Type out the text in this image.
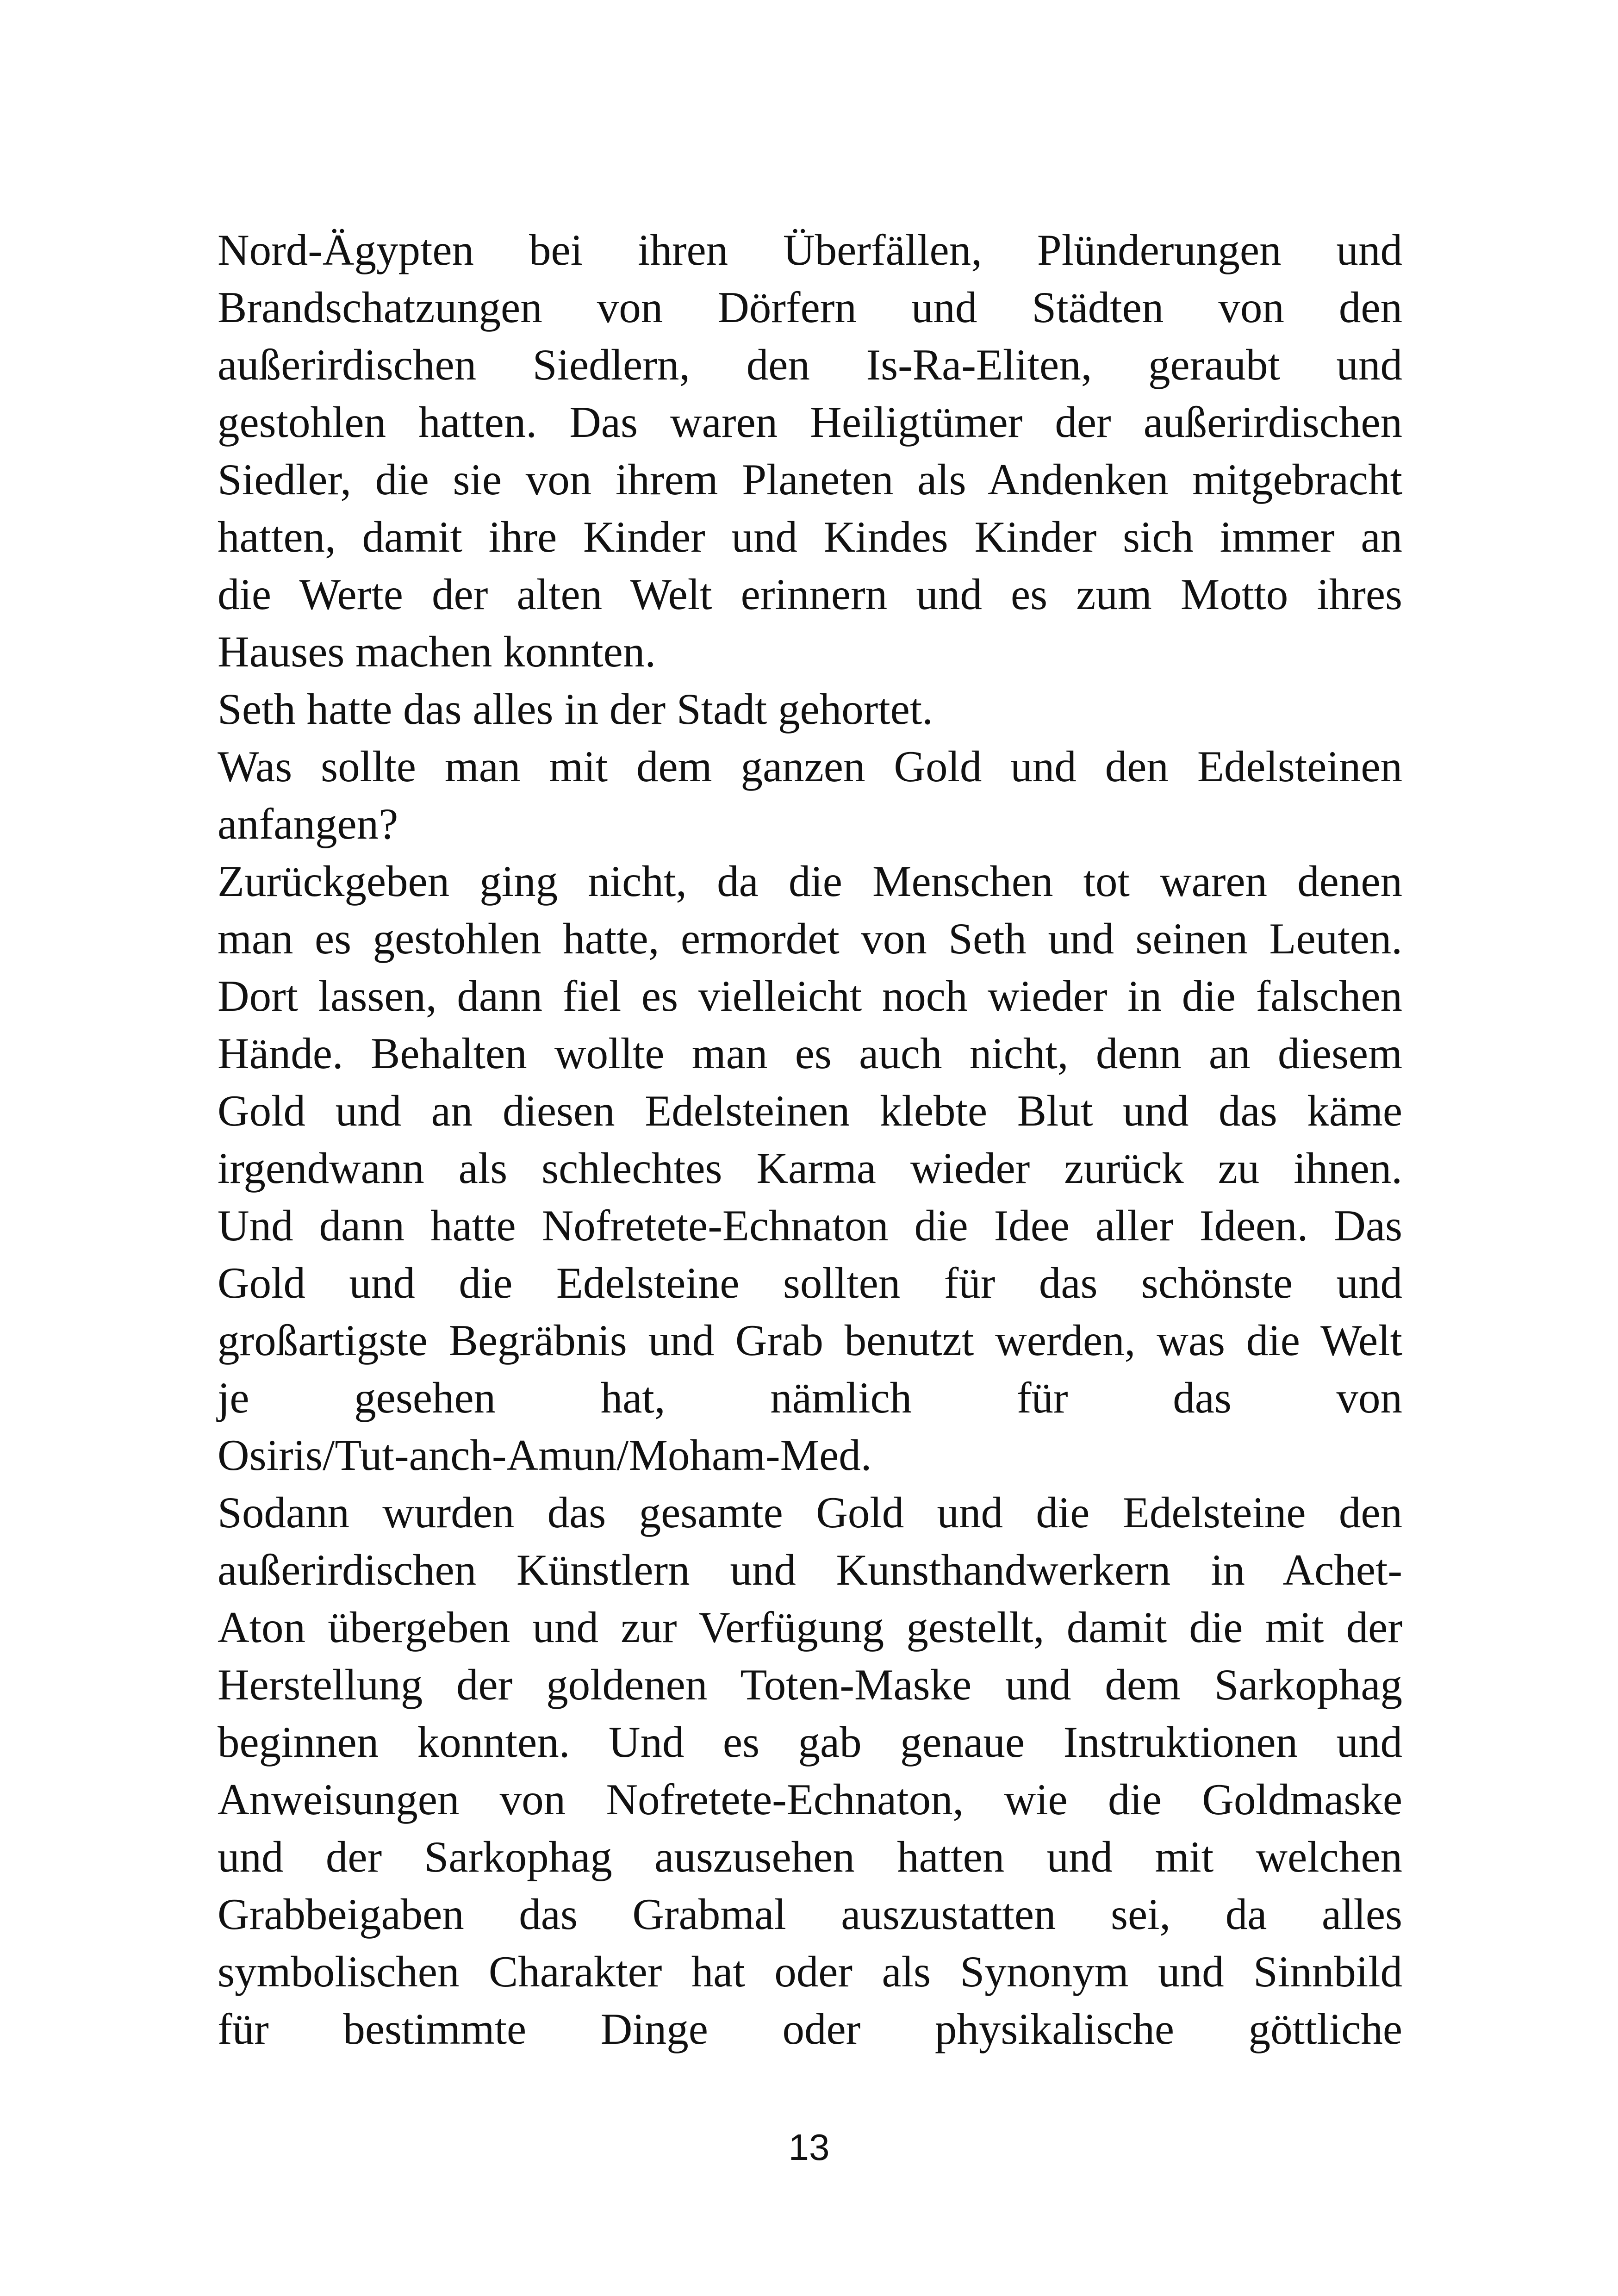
Nord-Ägypten bei ihren Überfällen, Plünderungen und

Brandschatzungen von Dörfern und Städten von den

außerirdischen Siedlern, den Is-Ra-Eliten, geraubt und

gestohlen hatten. Das waren Heiligtümer der außerirdischen

Siedler, die sie von ihrem Planeten als Andenken mitgebracht

hatten, damit ihre Kinder und Kindes Kinder sich immer an

die Werte der alten Welt erinnern und es zum Motto ihres

Hauses machen konnten.

Seth hatte das alles in der Stadt gehortet.

Was sollte man mit dem ganzen Gold und den Edelsteinen

anfangen?

Zurückgeben ging nicht, da die Menschen tot waren denen

man es gestohlen hatte, ermordet von Seth und seinen Leuten.

Dort lassen, dann fiel es vielleicht noch wieder in die falschen

Hände. Behalten wollte man es auch nicht, denn an diesem

Gold und an diesen Edelsteinen klebte Blut und das käme

irgendwann als schlechtes Karma wieder zurück zu ihnen.

Und dann hatte Nofretete-Echnaton die Idee aller Ideen. Das

Gold und die Edelsteine sollten für das schönste und

großartigste Begräbnis und Grab benutzt werden, was die Welt

je gesehen hat, nämlich für das von

Osiris/Tut-anch-Amun/Moham-Med.

Sodann wurden das gesamte Gold und die Edelsteine den

außerirdischen Künstlern und Kunsthandwerkern in Achet-

Aton übergeben und zur Verfügung gestellt, damit die mit der

Herstellung der goldenen Toten-Maske und dem Sarkophag

beginnen konnten. Und es gab genaue Instruktionen und

Anweisungen von Nofretete-Echnaton, wie die Goldmaske

und der Sarkophag auszusehen hatten und mit welchen

Grabbeigaben das Grabmal auszustatten sei, da alles

symbolischen Charakter hat oder als Synonym und Sinnbild

für bestimmte Dinge oder physikalische göttliche

13
